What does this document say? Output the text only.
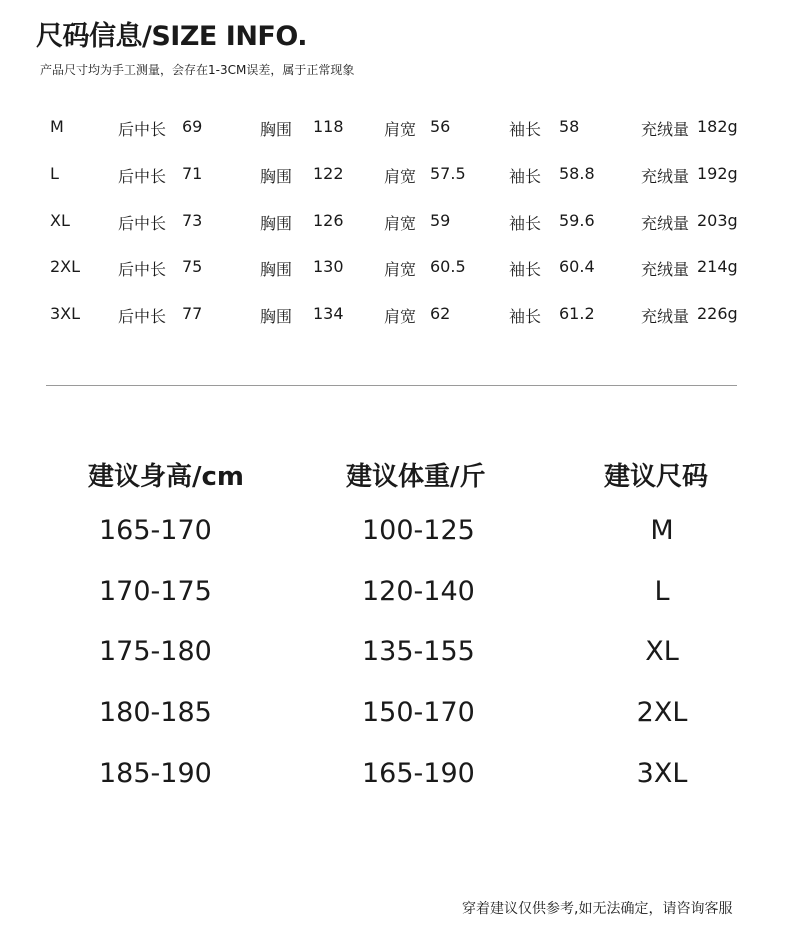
尺码信息/SIZE INFO.
产品尺寸均为手工测量，会存在1-3CM误差，属于正常现象
M	后中长 69	胸围 118	肩宽 56	袖长 58	充绒量 182g
L	后中长 71	胸围 122	肩宽 57.5	袖长 58.8	充绒量 192g
XL	后中长 73	胸围 126	肩宽 59	袖长 59.6	充绒量 203g
2XL 后中长 75	胸围 130	肩宽 60.5	袖长 60.4	充绒量 214g
3XL 后中长 77	胸围 134	肩宽 62	袖长 61.2	充绒量 226g
建议身高/cm	建议体重/斤	建议尺码
165-170	100-125	M
170-175	120-140	L
175-180	135-155	XL
180-185	150-170	2XL
185-190	165-190	3XL
穿着建议仅供参考,如无法确定，请咨询客服
